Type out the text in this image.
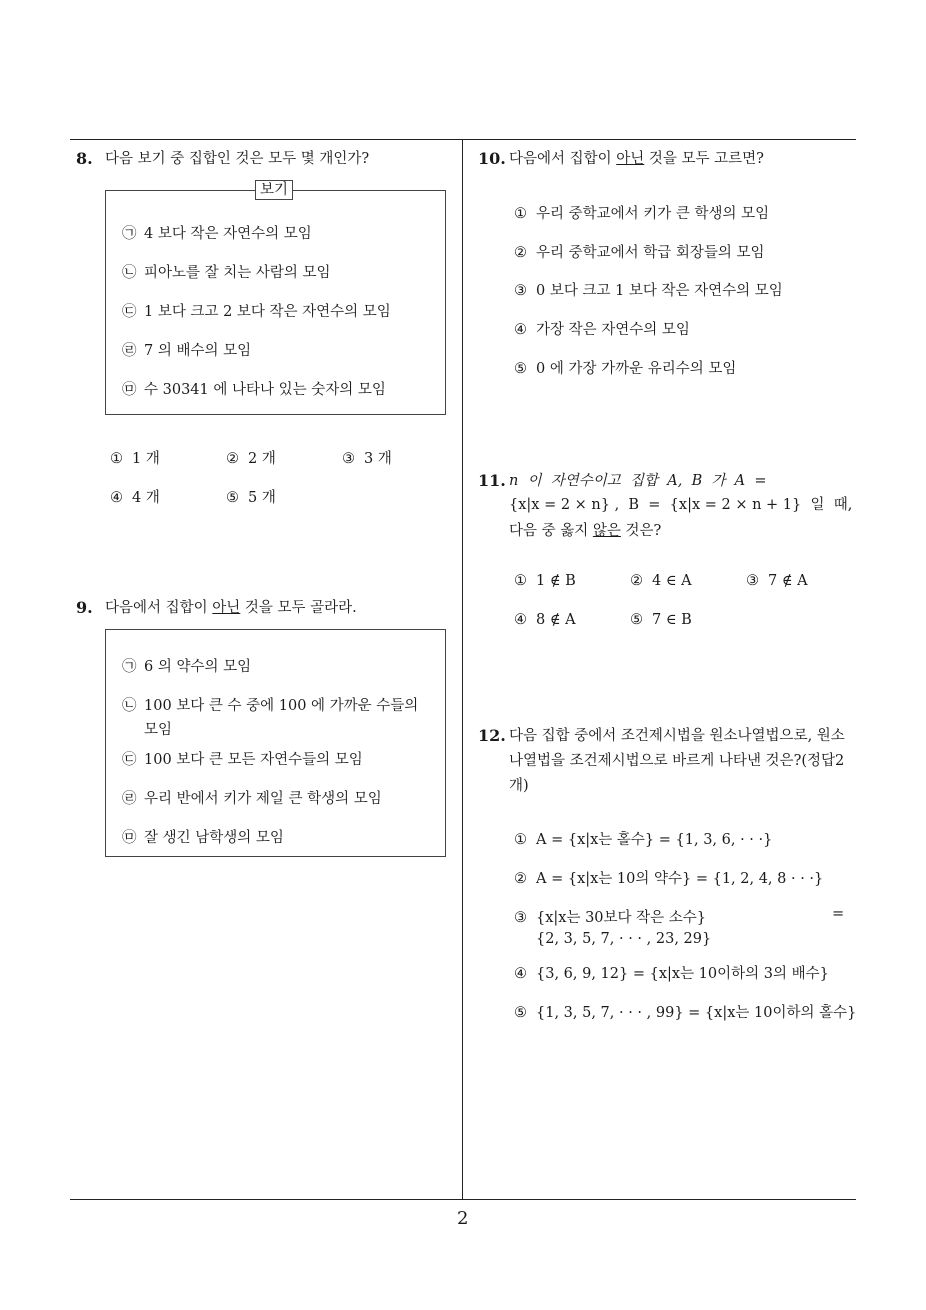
2
8. 다음 보기 중 집합인 것은 모두 몇 개인가?
보기
㉠ 4 보다 작은 자연수의 모임
㉡ 피아노를 잘 치는 사람의 모임
㉢ 1 보다 크고 2 보다 작은 자연수의 모임
㉣ 7 의 배수의 모임
㉤ 수 30341 에 나타나 있는 숫자의 모임
① 1 개	② 2 개	③ 3 개
④ 4 개	⑤ 5 개
9. 다음에서 집합이 아닌 것을 모두 골라라.
㉠ 6 의 약수의 모임
㉡ 100 보다 큰 수 중에 100 에 가까운 수들의
모임
㉢ 100 보다 큰 모든 자연수들의 모임
㉣ 우리 반에서 키가 제일 큰 학생의 모임
㉤ 잘 생긴 남학생의 모임
10. 다음에서 집합이 아닌 것을 모두 고르면?
① 우리 중학교에서 키가 큰 학생의 모임
② 우리 중학교에서 학급 회장들의 모임
③ 0 보다 크고 1 보다 작은 자연수의 모임
④ 가장 작은 자연수의 모임
⑤ 0 에 가장 가까운 유리수의 모임
11. n  이  자연수이고  집합  A,  B  가  A  =
{x|x = 2 × n} ,  B  =  {x|x = 2 × n + 1}  일  때,
다음 중 옳지 않은 것은?
① 1 ∉ B	② 4 ∈ A	③ 7 ∉ A
④ 8 ∉ A	⑤ 7 ∈ B
12. 다음 집합 중에서 조건제시법을 원소나열법으로, 원소
나열법을 조건제시법으로 바르게 나타낸 것은?(정답2
개)
① A = {x|x는 홀수} = {1, 3, 6, · · ·}
② A = {x|x는 10의 약수} = {1, 2, 4, 8 · · ·}
③ {x|x는 30보다 작은 소수}	=
{2, 3, 5, 7, · · · , 23, 29}
④ {3, 6, 9, 12} = {x|x는 10이하의 3의 배수}
⑤ {1, 3, 5, 7, · · · , 99} = {x|x는 10이하의 홀수}
